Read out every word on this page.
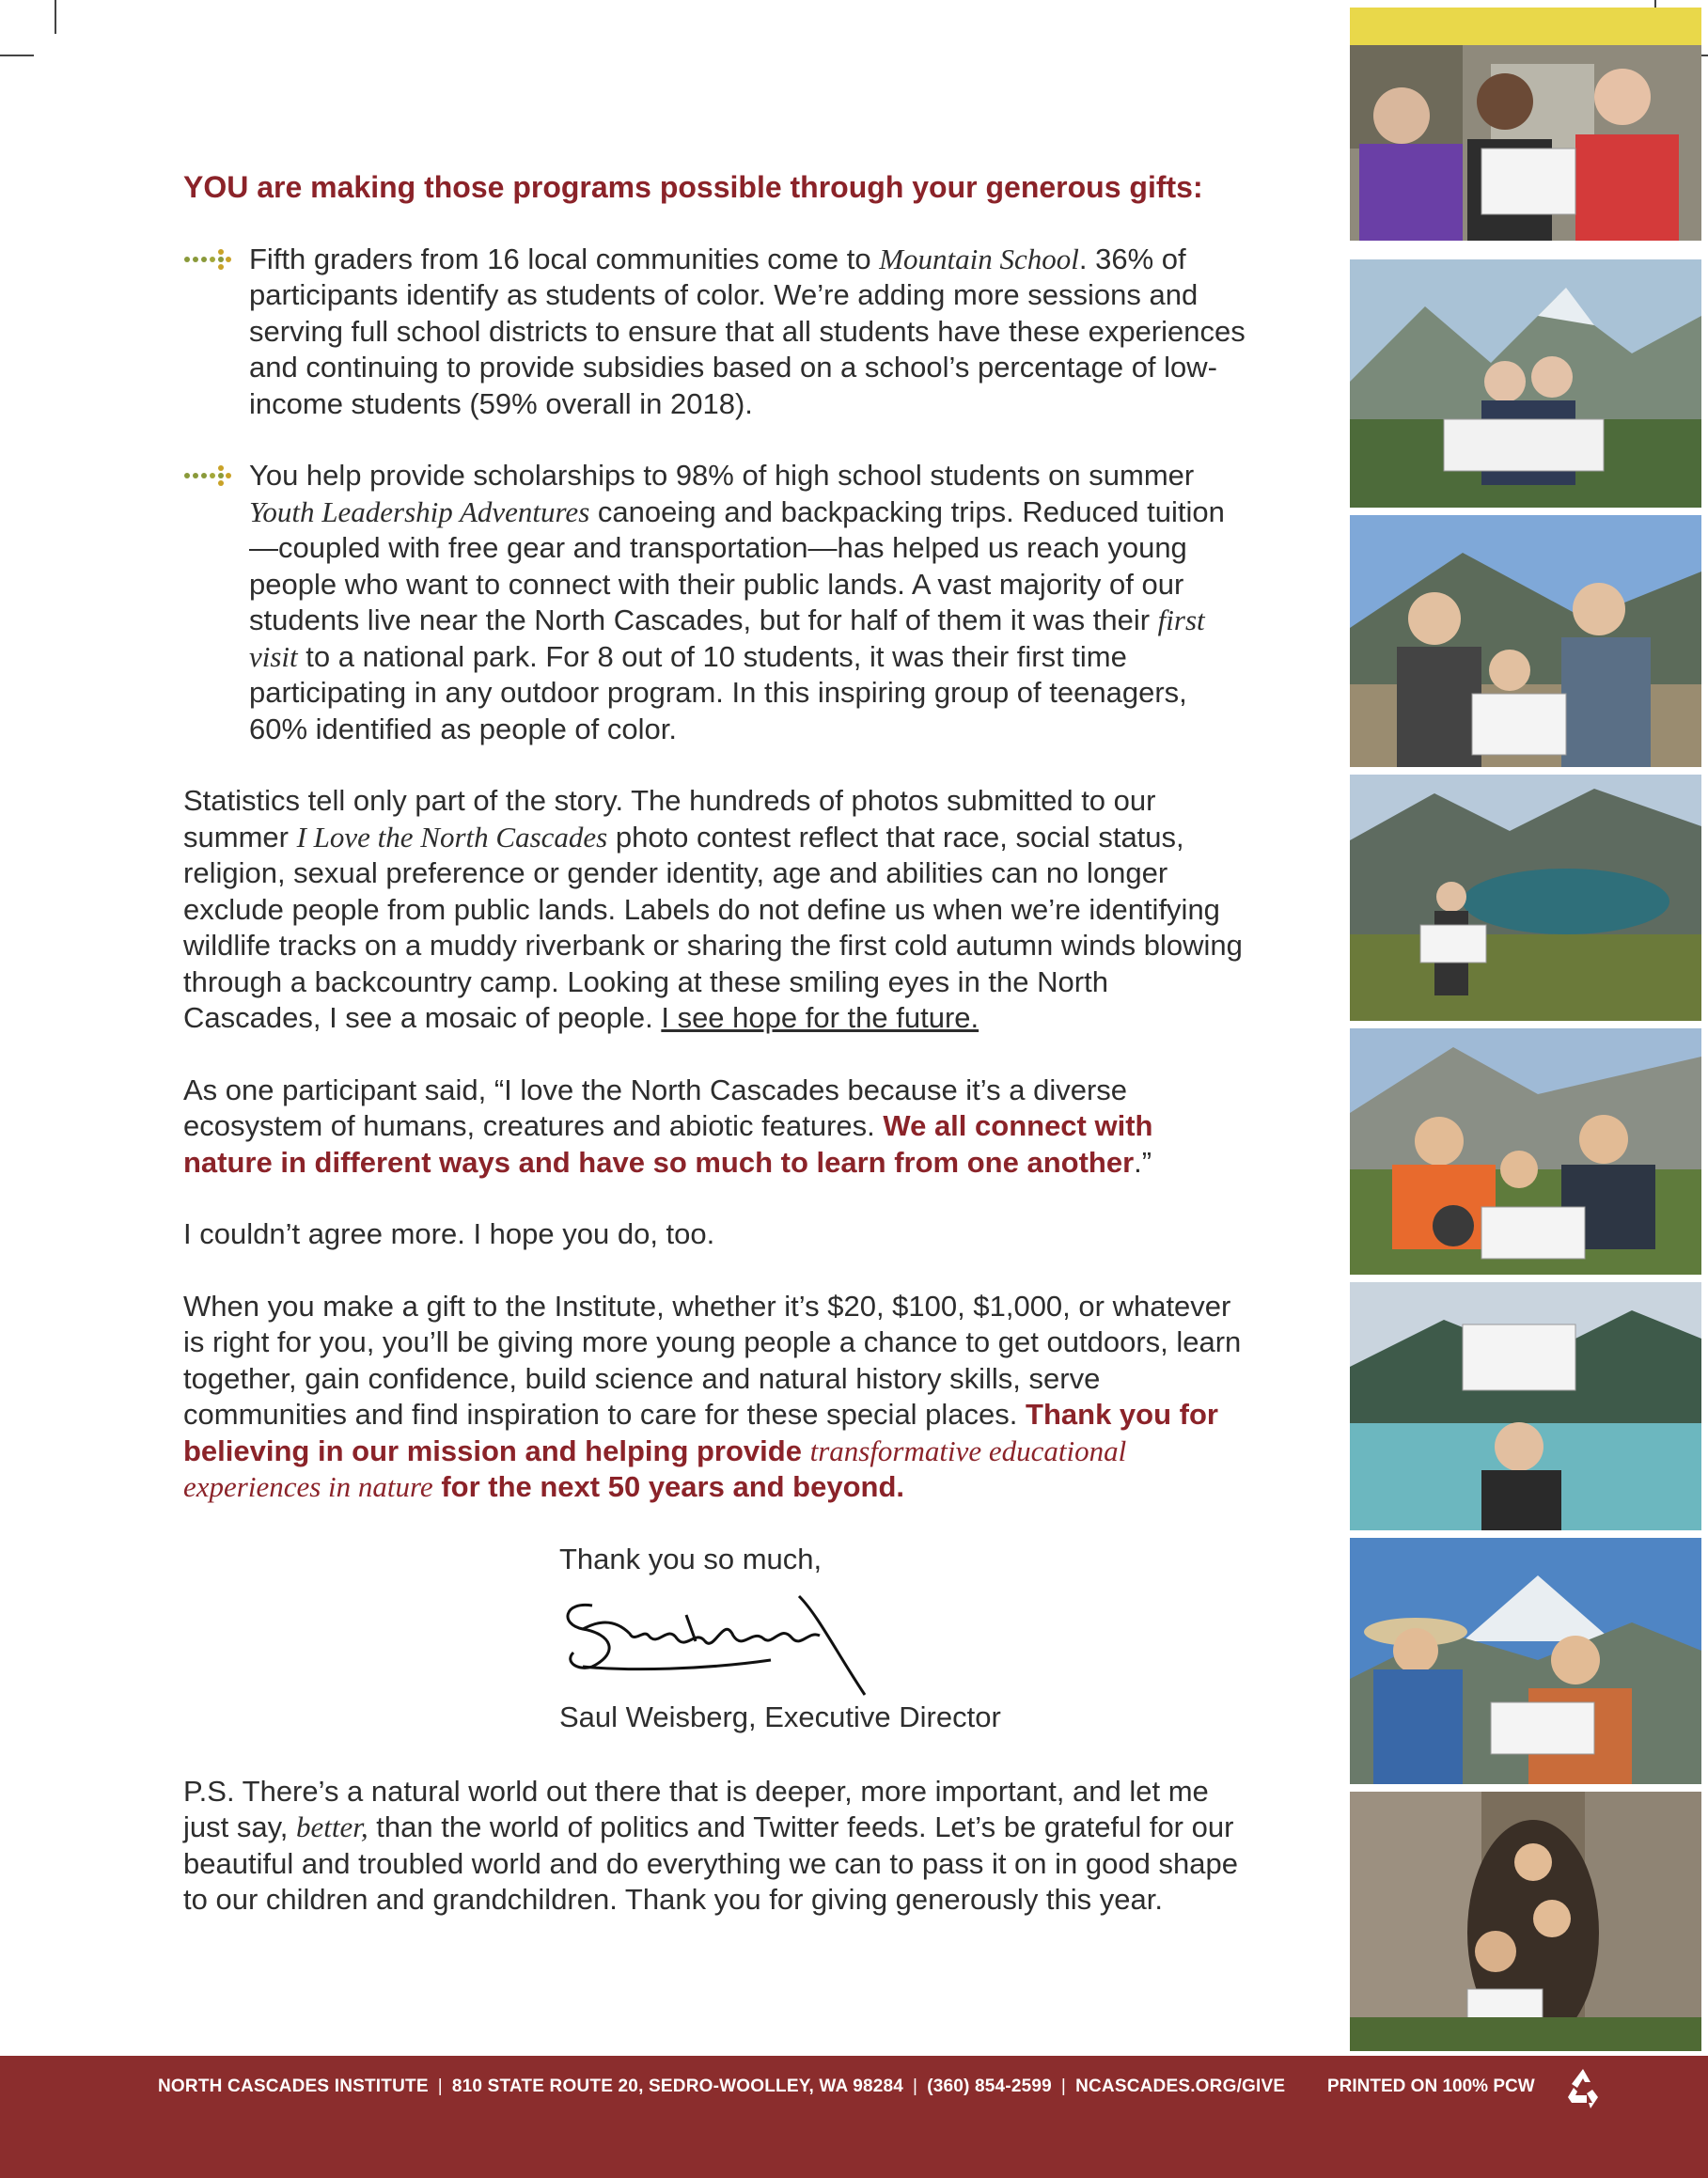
YOU are making those programs possible through your generous gifts:
Fifth graders from 16 local communities come to Mountain School. 36% of participants identify as students of color. We’re adding more sessions and serving full school districts to ensure that all students have these experiences and continuing to provide subsidies based on a school’s percentage of low-income students (59% overall in 2018).
You help provide scholarships to 98% of high school students on summer Youth Leadership Adventures canoeing and backpacking trips. Reduced tuition—coupled with free gear and transportation—has helped us reach young people who want to connect with their public lands. A vast majority of our students live near the North Cascades, but for half of them it was their first visit to a national park. For 8 out of 10 students, it was their first time participating in any outdoor program. In this inspiring group of teenagers, 60% identified as people of color.

Statistics tell only part of the story. The hundreds of photos submitted to our summer I Love the North Cascades photo contest reflect that race, social status, religion, sexual preference or gender identity, age and abilities can no longer exclude people from public lands. Labels do not define us when we’re identifying wildlife tracks on a muddy riverbank or sharing the first cold autumn winds blowing through a backcountry camp. Looking at these smiling eyes in the North Cascades, I see a mosaic of people. I see hope for the future.

As one participant said, “I love the North Cascades because it’s a diverse ecosystem of humans, creatures and abiotic features. We all connect with nature in different ways and have so much to learn from one another.”

I couldn’t agree more. I hope you do, too.

When you make a gift to the Institute, whether it’s $20, $100, $1,000, or whatever is right for you, you’ll be giving more young people a chance to get outdoors, learn together, gain confidence, build science and natural history skills, serve communities and find inspiration to care for these special places. Thank you for believing in our mission and helping provide transformative educational experiences in nature for the next 50 years and beyond.

Thank you so much,
Saul Weisberg, Executive Director

P.S. There’s a natural world out there that is deeper, more important, and let me just say, better, than the world of politics and Twitter feeds. Let’s be grateful for our beautiful and troubled world and do everything we can to pass it on in good shape to our children and grandchildren. Thank you for giving generously this year.

NORTH CASCADES INSTITUTE | 810 STATE ROUTE 20, SEDRO-WOOLLEY, WA 98284 | (360) 854-2599 | NCASCADES.ORG/GIVE PRINTED ON 100% PCW
